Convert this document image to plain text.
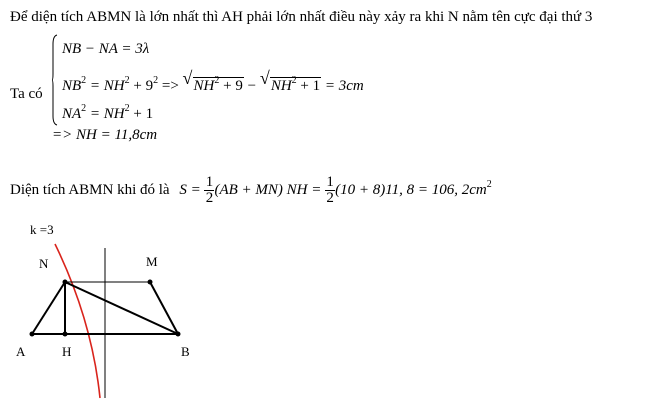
Để diện tích ABMN là lớn nhất thì AH phải lớn nhất điều này xảy ra khi N nằm tên cực đại thứ 3
Ta có
NB − NA = 3λ
$NB^2 = NH^2 + 9^2$ => √ $NH^2 + 9$ − √ $NH^2 + 1 = 3cm$
$NA^2 = NH^2 + 1$
=> NH = 11,8cm
Diện tích ABMN khi đó là $S = \frac{1}{2} (AB + MN)$ NH = $\frac{1}{2} (10 + 8)11$, 8 = 106, $2cm^2$
k =3
N	M
A	H	B
